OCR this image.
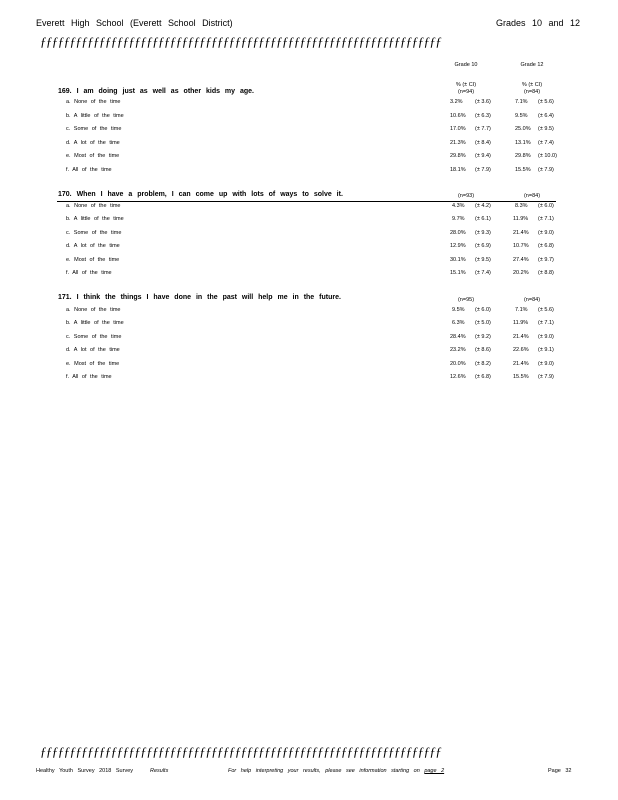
Everett High School (Everett School District)	Grades 10 and 12
ƒƒƒƒƒƒƒƒƒƒƒƒƒƒƒƒƒƒƒƒƒƒƒƒƒƒƒƒƒƒƒƒƒƒƒƒƒƒƒƒƒƒƒƒƒƒƒƒƒƒƒƒƒƒƒƒƒƒƒƒƒƒƒƒƒƒƒƒ
Grade 10	Grade 12
% (± CI)	% (± CI)
(n=94)	(n=84)
169. I am doing just as well as other kids my age.
a. None of the time	3.2% (± 3.6)	7.1% (± 5.6)
b. A little of the time	10.6% (± 6.3)	9.5% (± 6.4)
c. Some of the time	17.0% (± 7.7)	25.0% (± 9.5)
d. A lot of the time	21.3% (± 8.4)	13.1% (± 7.4)
e. Most of the time	29.8% (± 9.4)	29.8% (± 10.0)
f. All of the time	18.1% (± 7.9)	15.5% (± 7.9)
170. When I have a problem, I can come up with lots of ways to solve it.	(n=93)	(n=84)
a. None of the time	4.3% (± 4.2)	8.3% (± 6.0)
b. A little of the time	9.7% (± 6.1)	11.9% (± 7.1)
c. Some of the time	28.0% (± 9.3)	21.4% (± 9.0)
d. A lot of the time	12.9% (± 6.9)	10.7% (± 6.8)
e. Most of the time	30.1% (± 9.5)	27.4% (± 9.7)
f. All of the time	15.1% (± 7.4)	20.2% (± 8.8)
171. I think the things I have done in the past will help me in the future.	(n=95)	(n=84)
a. None of the time	9.5% (± 6.0)	7.1% (± 5.6)
b. A little of the time	6.3% (± 5.0)	11.9% (± 7.1)
c. Some of the time	28.4% (± 9.2)	21.4% (± 9.0)
d. A lot of the time	23.2% (± 8.6)	22.6% (± 9.1)
e. Most of the time	20.0% (± 8.2)	21.4% (± 9.0)
f. All of the time	12.6% (± 6.8)	15.5% (± 7.9)
ƒƒƒƒƒƒƒƒƒƒƒƒƒƒƒƒƒƒƒƒƒƒƒƒƒƒƒƒƒƒƒƒƒƒƒƒƒƒƒƒƒƒƒƒƒƒƒƒƒƒƒƒƒƒƒƒƒƒƒƒƒƒƒƒƒƒƒƒ
Healthy Youth Survey 2018 Survey	Results	For help interpreting your results, please see information starting on page 2	Page 32
